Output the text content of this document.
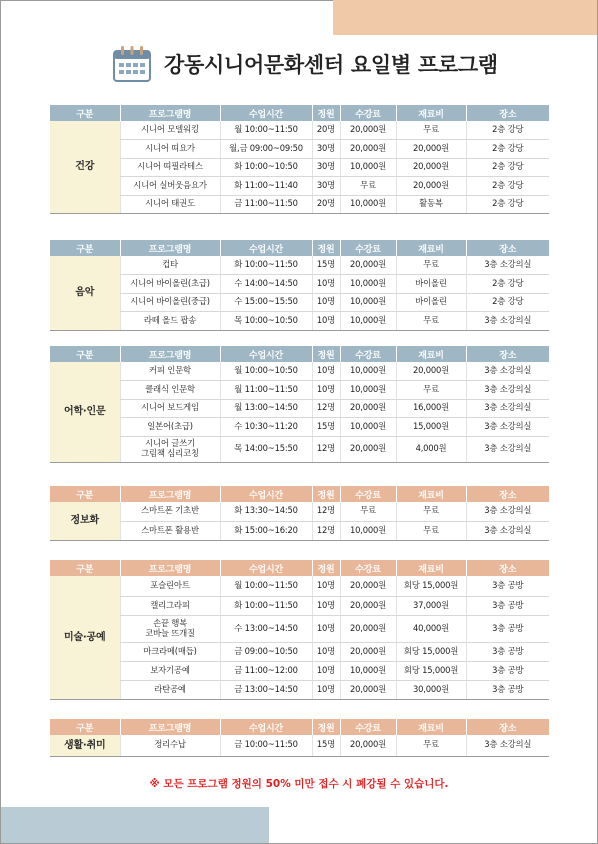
강동시니어문화센터 요일별 프로그램
구분	프로그램명	수업시간	정원	수강료	재료비	장소
건강	시니어 모델워킹	월 10:00~11:50	20명	20,000원	무료	2층 강당
	시니어 띠요가	월,금 09:00~09:50	30명	20,000원	20,000원	2층 강당
	시니어 띠필라테스	화 10:00~10:50	30명	10,000원	20,000원	2층 강당
	시니어 실버웃음요가	화 11:00~11:40	30명	무료	20,000원	2층 강당
	시니어 태권도	금 11:00~11:50	20명	10,000원	활동복	2층 강당
구분	프로그램명	수업시간	정원	수강료	재료비	장소
음악	컵타	화 10:00~11:50	15명	20,000원	무료	3층 소강의실
	시니어 바이올린(초급)	수 14:00~14:50	10명	10,000원	바이올린	2층 강당
	시니어 바이올린(중급)	수 15:00~15:50	10명	10,000원	바이올린	2층 강당
	라떼 올드 팝송	목 10:00~10:50	10명	10,000원	무료	3층 소강의실
구분	프로그램명	수업시간	정원	수강료	재료비	장소
어학·인문	커피 인문학	월 10:00~10:50	10명	10,000원	20,000원	3층 소강의실
	클래식 인문학	월 11:00~11:50	10명	10,000원	무료	3층 소강의실
	시니어 보드게임	월 13:00~14:50	12명	20,000원	16,000원	3층 소강의실
	일본어(초급)	수 10:30~11:20	15명	10,000원	15,000원	3층 소강의실
	시니어 글쓰기
그림책 심리코칭	목 14:00~15:50	12명	20,000원	4,000원	3층 소강의실
구분	프로그램명	수업시간	정원	수강료	재료비	장소
정보화	스마트폰 기초반	화 13:30~14:50	12명	무료	무료	3층 소강의실
	스마트폰 활용반	화 15:00~16:20	12명	10,000원	무료	3층 소강의실
구분	프로그램명	수업시간	정원	수강료	재료비	장소
미술·공예	포슬린아트	월 10:00~11:50	10명	20,000원	회당 15,000원	3층 공방
	캘리그라피	화 10:00~11:50	10명	20,000원	37,000원	3층 공방
	손끝 행복
코바늘 뜨개질	수 13:00~14:50	10명	20,000원	40,000원	3층 공방
	마크라메(매듭)	금 09:00~10:50	10명	20,000원	회당 15,000원	3층 공방
	보자기공예	금 11:00~12:00	10명	10,000원	회당 15,000원	3층 공방
	라탄공예	금 13:00~14:50	10명	20,000원	30,000원	3층 공방
구분	프로그램명	수업시간	정원	수강료	재료비	장소
생활·취미	정리수납	금 10:00~11:50	15명	20,000원	무료	3층 소강의실
※ 모든 프로그램 정원의 50% 미만 접수 시 폐강될 수 있습니다.
